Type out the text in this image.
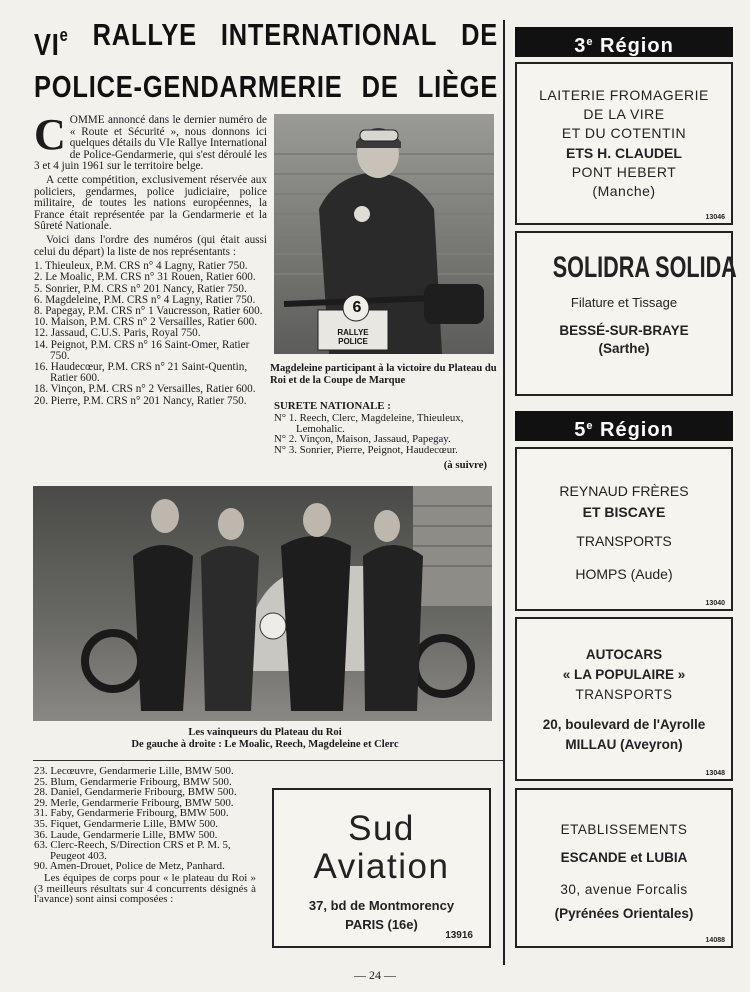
VIe RALLYE INTERNATIONAL DE
POLICE-GENDARMERIE DE LIÈGE

COMME annoncé dans le dernier numéro de « Route et Sécurité », nous donnons ici quelques détails du VIe Rallye International de Police-Gendarmerie, qui s'est déroulé les 3 et 4 juin 1961 sur le territoire belge.

A cette compétition, exclusivement réservée aux policiers, gendarmes, police judiciaire, police militaire, de toutes les nations européennes, la France était représentée par la Gendarmerie et la Sûreté Nationale.

Voici dans l'ordre des numéros (qui était aussi celui du départ) la liste de nos représentants :

1. Thieuleux, P.M. CRS n° 4 Lagny, Ratier 750.
2. Le Moalic, P.M. CRS n° 31 Rouen, Ratier 600.
5. Sonrier, P.M. CRS n° 201 Nancy, Ratier 750.
6. Magdeleine, P.M. CRS n° 4 Lagny, Ratier 750.
8. Papegay, P.M. CRS n° 1 Vaucresson, Ratier 600.
10. Maison, P.M. CRS n° 2 Versailles, Ratier 600.
12. Jassaud, C.U.S. Paris, Royal 750.
14. Peignot, P.M. CRS n° 16 Saint-Omer, Ratier 750.
16. Haudecœur, P.M. CRS n° 21 Saint-Quentin, Ratier 600.
18. Vinçon, P.M. CRS n° 2 Versailles, Ratier 600.
20. Pierre, P.M. CRS n° 201 Nancy, Ratier 750.
6
RALLYE POLICE
Magdeleine participant à la victoire du Plateau du Roi et de la Coupe de Marque
SURETE NATIONALE :
N° 1. Reech, Clerc, Magdeleine, Thieuleux, Lemohalic.
N° 2. Vinçon, Maison, Jassaud, Papegay.
N° 3. Sonrier, Pierre, Peignot, Haudecœur.
(à suivre)
Les vainqueurs du Plateau du Roi
De gauche à droite : Le Moalic, Reech, Magdeleine et Clerc
23. Lecœuvre, Gendarmerie Lille, BMW 500.
25. Blum, Gendarmerie Fribourg, BMW 500.
28. Daniel, Gendarmerie Fribourg, BMW 500.
29. Merle, Gendarmerie Fribourg, BMW 500.
31. Faby, Gendarmerie Fribourg, BMW 500.
35. Fiquet, Gendarmerie Lille, BMW 500.
36. Laude, Gendarmerie Lille, BMW 500.
63. Clerc-Reech, S/Direction CRS et P. M. 5, Peugeot 403.
90. Amen-Drouet, Police de Metz, Panhard.
Les équipes de corps pour « le plateau du Roi » (3 meilleurs résultats sur 4 concurrents désignés à l'avance) sont ainsi composées :
Sud
Aviation
37, bd de Montmorency
PARIS (16e)
13916
3e Région
LAITERIE FROMAGERIE
DE LA VIRE
ET DU COTENTIN
ETS H. CLAUDEL
PONT HEBERT
(Manche)
13046
SOLIDRA SOLIDA
Filature et Tissage
BESSÉ-SUR-BRAYE
(Sarthe)
5e Région
REYNAUD FRÈRES
ET BISCAYE
TRANSPORTS
HOMPS (Aude)
13040
AUTOCARS
« LA POPULAIRE »
TRANSPORTS
20, boulevard de l'Ayrolle
MILLAU (Aveyron)
13048
ETABLISSEMENTS
ESCANDE et LUBIA
30, avenue Forcalis
(Pyrénées Orientales)
14088
— 24 —
